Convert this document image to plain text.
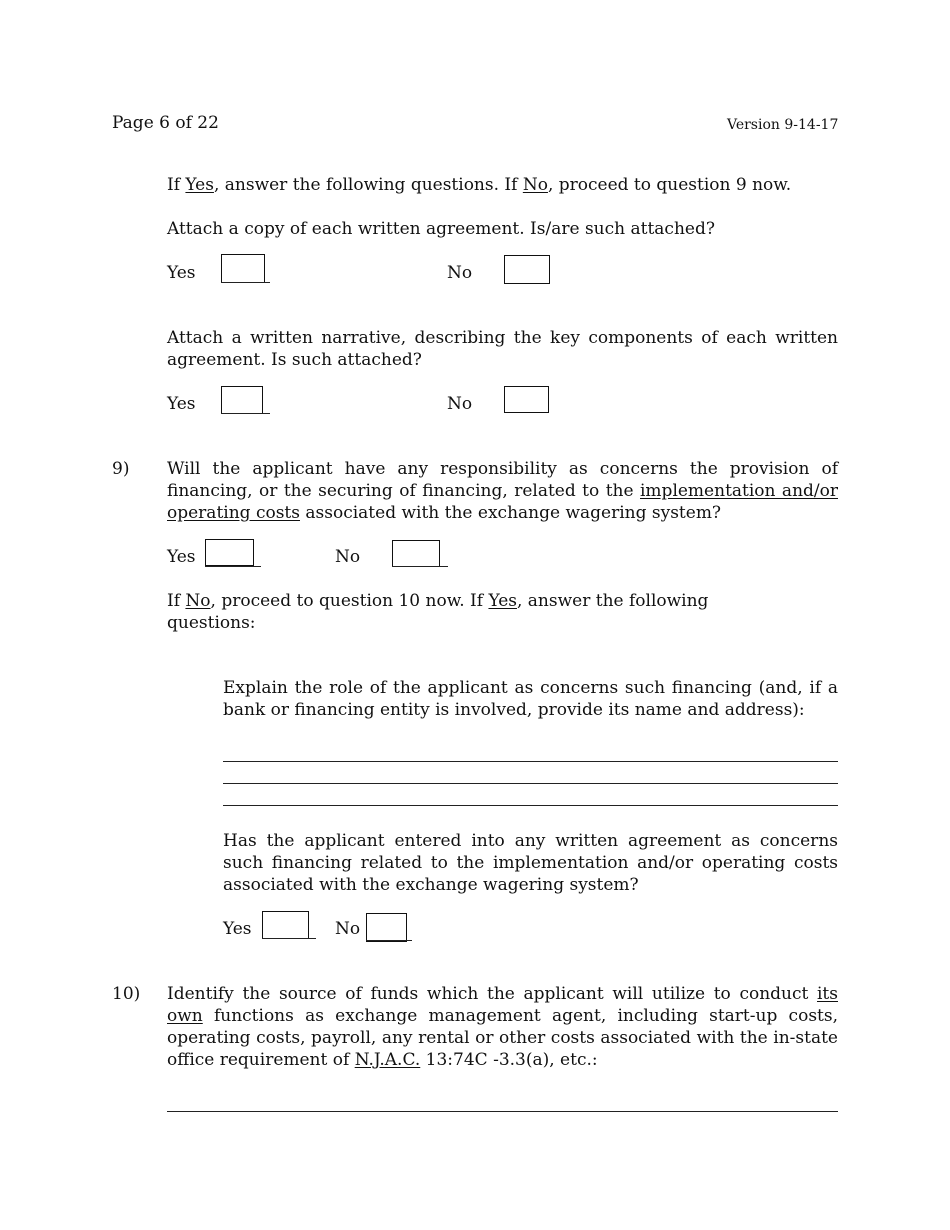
Page 6 of 22	Version 9-14-17
If Yes, answer the following questions. If No, proceed to question 9 now.
Attach a copy of each written agreement. Is/are such attached?
Yes	No
Attach a written narrative, describing the key components of each written agreement. Is such attached?
Yes	No
9) Will the applicant have any responsibility as concerns the provision of financing, or the securing of financing, related to the implementation and/or operating costs associated with the exchange wagering system?
Yes	No
If No, proceed to question 10 now. If Yes, answer the following
questions:
Explain the role of the applicant as concerns such financing (and, if a bank or financing entity is involved, provide its name and address):
Has the applicant entered into any written agreement as concerns such financing related to the implementation and/or operating costs associated with the exchange wagering system?
Yes	No
10) Identify the source of funds which the applicant will utilize to conduct its own functions as exchange management agent, including start-up costs, operating costs, payroll, any rental or other costs associated with the in-state office requirement of N.J.A.C. 13:74C -3.3(a), etc.:
